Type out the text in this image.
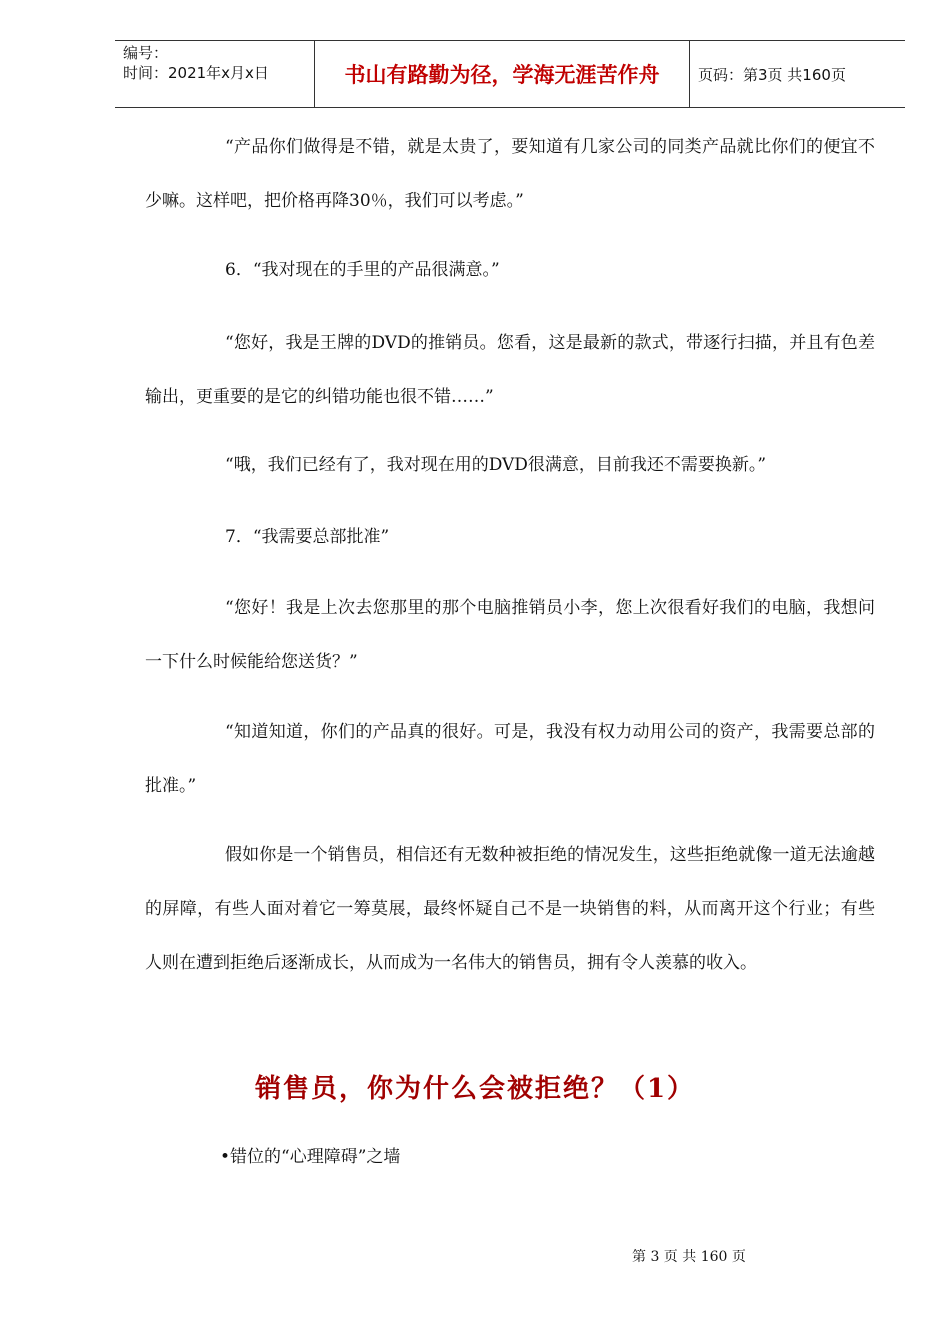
编号：
时间：2021年x月x日	书山有路勤为径，学海无涯苦作舟	页码：第3页 共160页

“产品你们做得是不错，就是太贵了，要知道有几家公司的同类产品就比你们的便宜不少嘛。这样吧，把价格再降30％，我们可以考虑。”

6．“我对现在的手里的产品很满意。”

“您好，我是王牌的DVD的推销员。您看，这是最新的款式，带逐行扫描，并且有色差输出，更重要的是它的纠错功能也很不错……”

“哦，我们已经有了，我对现在用的DVD很满意，目前我还不需要换新。”

7．“我需要总部批准”

“您好！我是上次去您那里的那个电脑推销员小李，您上次很看好我们的电脑，我想问一下什么时候能给您送货？”

“知道知道，你们的产品真的很好。可是，我没有权力动用公司的资产，我需要总部的批准。”

假如你是一个销售员，相信还有无数种被拒绝的情况发生，这些拒绝就像一道无法逾越的屏障，有些人面对着它一筹莫展，最终怀疑自己不是一块销售的料，从而离开这个行业；有些人则在遭到拒绝后逐渐成长，从而成为一名伟大的销售员，拥有令人羡慕的收入。

销售员，你为什么会被拒绝？（1）
•错位的“心理障碍”之墙
第 3 页 共 160 页
